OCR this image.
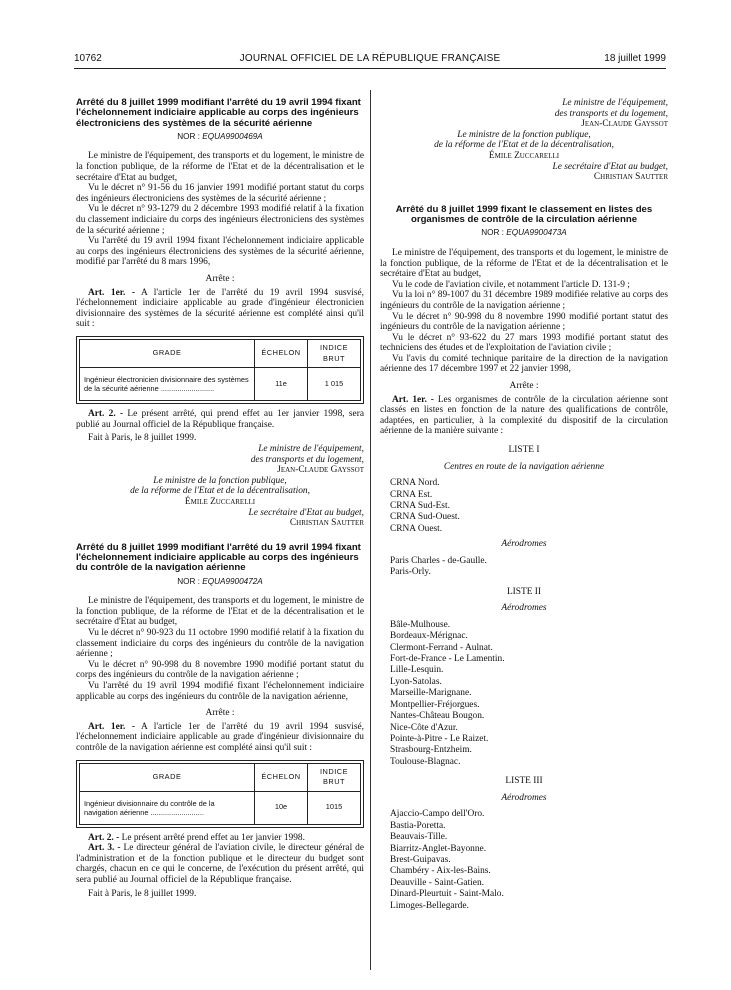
10762	JOURNAL OFFICIEL DE LA RÉPUBLIQUE FRANÇAISE	18 juillet 1999
Arrêté du 8 juillet 1999 modifiant l'arrêté du 19 avril 1994 fixant l'échelonnement indiciaire applicable au corps des ingénieurs électroniciens des systèmes de la sécurité aérienne
NOR : EQUA9900469A

Le ministre de l'équipement, des transports et du logement, le ministre de la fonction publique, de la réforme de l'Etat et de la décentralisation et le secrétaire d'Etat au budget,

Vu le décret n° 91-56 du 16 janvier 1991 modifié portant statut du corps des ingénieurs électroniciens des systèmes de la sécurité aérienne ;

Vu le décret n° 93-1279 du 2 décembre 1993 modifié relatif à la fixation du classement indiciaire du corps des ingénieurs électroniciens des systèmes de la sécurité aérienne ;

Vu l'arrêté du 19 avril 1994 fixant l'échelonnement indiciaire applicable au corps des ingénieurs électroniciens des systèmes de la sécurité aérienne, modifié par l'arrêté du 8 mars 1996,

Arrête :

Art. 1er. - A l'article 1er de l'arrêté du 19 avril 1994 susvisé, l'échelonnement indiciaire applicable au grade d'ingénieur électronicien divisionnaire des systèmes de la sécurité aérienne est complété ainsi qu'il suit :

GRADE	ÉCHELON	INDICE BRUT
Ingénieur électronicien divisionnaire des systèmes de la sécurité aérienne ..........................	11e	1 015

Art. 2. - Le présent arrêté, qui prend effet au 1er janvier 1998, sera publié au Journal officiel de la République française.

Fait à Paris, le 8 juillet 1999.

Le ministre de l'équipement,

des transports et du logement,

Jean-Claude Gayssot

Le ministre de la fonction publique,

de la réforme de l'Etat et de la décentralisation,

Émile Zuccarelli

Le secrétaire d'Etat au budget,

Christian Sautter

Arrêté du 8 juillet 1999 modifiant l'arrêté du 19 avril 1994 fixant l'échelonnement indiciaire applicable au corps des ingénieurs du contrôle de la navigation aérienne
NOR : EQUA9900472A

Le ministre de l'équipement, des transports et du logement, le ministre de la fonction publique, de la réforme de l'Etat et de la décentralisation et le secrétaire d'Etat au budget,

Vu le décret n° 90-923 du 11 octobre 1990 modifié relatif à la fixation du classement indiciaire du corps des ingénieurs du contrôle de la navigation aérienne ;

Vu le décret n° 90-998 du 8 novembre 1990 modifié portant statut du corps des ingénieurs du contrôle de la navigation aérienne ;

Vu l'arrêté du 19 avril 1994 modifié fixant l'échelonnement indiciaire applicable au corps des ingénieurs du contrôle de la navigation aérienne,

Arrête :

Art. 1er. - A l'article 1er de l'arrêté du 19 avril 1994 susvisé, l'échelonnement indiciaire applicable au grade d'ingénieur divisionnaire du contrôle de la navigation aérienne est complété ainsi qu'il suit :

GRADE	ÉCHELON	INDICE BRUT
Ingénieur divisionnaire du contrôle de la navigation aérienne ..........................	10e	1015

Art. 2. - Le présent arrêté prend effet au 1er janvier 1998.

Art. 3. - Le directeur général de l'aviation civile, le directeur général de l'administration et de la fonction publique et le directeur du budget sont chargés, chacun en ce qui le concerne, de l'exécution du présent arrêté, qui sera publié au Journal officiel de la République française.

Fait à Paris, le 8 juillet 1999.

Le ministre de l'équipement,

des transports et du logement,

Jean-Claude Gayssot

Le ministre de la fonction publique,

de la réforme de l'Etat et de la décentralisation,

Émile Zuccarelli

Le secrétaire d'Etat au budget,

Christian Sautter

Arrêté du 8 juillet 1999 fixant le classement en listes des organismes de contrôle de la circulation aérienne
NOR : EQUA9900473A

Le ministre de l'équipement, des transports et du logement, le ministre de la fonction publique, de la réforme de l'Etat et de la décentralisation et le secrétaire d'Etat au budget,

Vu le code de l'aviation civile, et notamment l'article D. 131-9 ;

Vu la loi n° 89-1007 du 31 décembre 1989 modifiée relative au corps des ingénieurs du contrôle de la navigation aérienne ;

Vu le décret n° 90-998 du 8 novembre 1990 modifié portant statut des ingénieurs du contrôle de la navigation aérienne ;

Vu le décret n° 93-622 du 27 mars 1993 modifié portant statut des techniciens des études et de l'exploitation de l'aviation civile ;

Vu l'avis du comité technique paritaire de la direction de la navigation aérienne des 17 décembre 1997 et 22 janvier 1998,

Arrête :

Art. 1er. - Les organismes de contrôle de la circulation aérienne sont classés en listes en fonction de la nature des qualifications de contrôle, adaptées, en particulier, à la complexité du dispositif de la circulation aérienne de la manière suivante :

LISTE I
Centres en route de la navigation aérienne

CRNA Nord.

CRNA Est.

CRNA Sud-Est.

CRNA Sud-Ouest.

CRNA Ouest.

Aérodromes

Paris Charles - de-Gaulle.

Paris-Orly.

LISTE II
Aérodromes

Bâle-Mulhouse.

Bordeaux-Mérignac.

Clermont-Ferrand - Aulnat.

Fort-de-France - Le Lamentin.

Lille-Lesquin.

Lyon-Satolas.

Marseille-Marignane.

Montpellier-Fréjorgues.

Nantes-Château Bougon.

Nice-Côte d'Azur.

Pointe-à-Pitre - Le Raizet.

Strasbourg-Entzheim.

Toulouse-Blagnac.

LISTE III
Aérodromes

Ajaccio-Campo dell'Oro.

Bastia-Poretta.

Beauvais-Tille.

Biarritz-Anglet-Bayonne.

Brest-Guipavas.

Chambéry - Aix-les-Bains.

Deauville - Saint-Gatien.

Dinard-Pleurtuit - Saint-Malo.

Limoges-Bellegarde.
